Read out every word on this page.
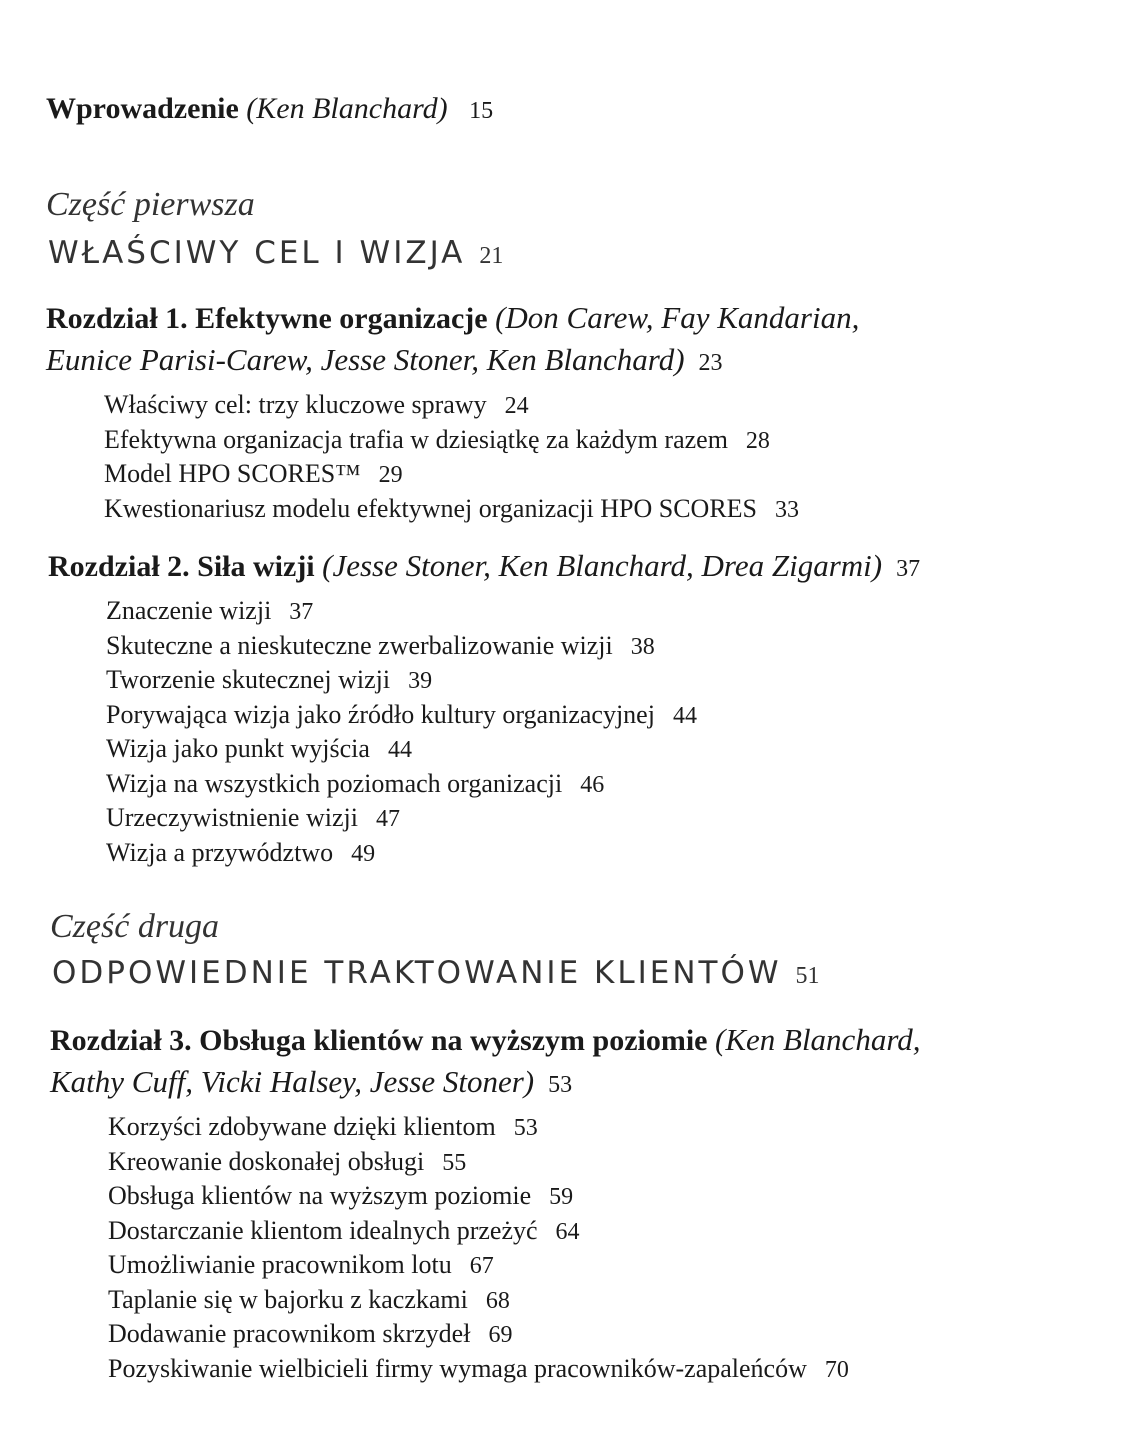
Wprowadzenie (Ken Blanchard) 15
Część pierwsza
WŁAŚCIWY CEL I WIZJA 21
Rozdział 1. Efektywne organizacje (Don Carew, Fay Kandarian,
Eunice Parisi-Carew, Jesse Stoner, Ken Blanchard) 23
Właściwy cel: trzy kluczowe sprawy 24
Efektywna organizacja trafia w dziesiątkę za każdym razem 28
Model HPO SCORES™ 29
Kwestionariusz modelu efektywnej organizacji HPO SCORES 33
Rozdział 2. Siła wizji (Jesse Stoner, Ken Blanchard, Drea Zigarmi) 37
Znaczenie wizji 37
Skuteczne a nieskuteczne zwerbalizowanie wizji 38
Tworzenie skutecznej wizji 39
Porywająca wizja jako źródło kultury organizacyjnej 44
Wizja jako punkt wyjścia 44
Wizja na wszystkich poziomach organizacji 46
Urzeczywistnienie wizji 47
Wizja a przywództwo 49
Część druga
ODPOWIEDNIE TRAKTOWANIE KLIENTÓW 51
Rozdział 3. Obsługa klientów na wyższym poziomie (Ken Blanchard,
Kathy Cuff, Vicki Halsey, Jesse Stoner) 53
Korzyści zdobywane dzięki klientom 53
Kreowanie doskonałej obsługi 55
Obsługa klientów na wyższym poziomie 59
Dostarczanie klientom idealnych przeżyć 64
Umożliwianie pracownikom lotu 67
Taplanie się w bajorku z kaczkami 68
Dodawanie pracownikom skrzydeł 69
Pozyskiwanie wielbicieli firmy wymaga pracowników-zapaleńców 70
